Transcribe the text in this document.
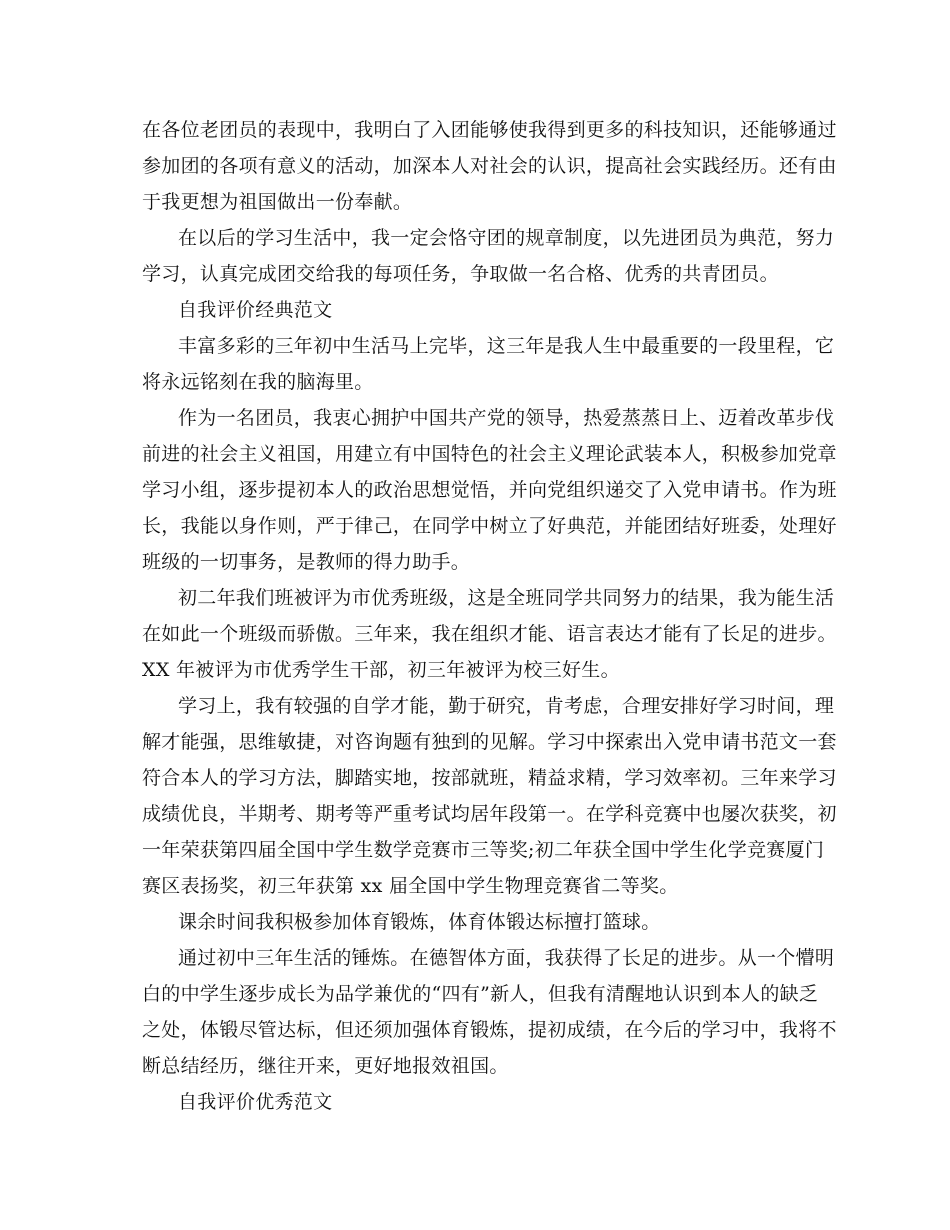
在各位老团员的表现中，我明白了入团能够使我得到更多的科技知识，还能够通过
参加团的各项有意义的活动，加深本人对社会的认识，提高社会实践经历。还有由
于我更想为祖国做出一份奉献。
在以后的学习生活中，我一定会恪守团的规章制度，以先进团员为典范，努力
学习，认真完成团交给我的每项任务，争取做一名合格、优秀的共青团员。
自我评价经典范文
丰富多彩的三年初中生活马上完毕，这三年是我人生中最重要的一段里程，它
将永远铭刻在我的脑海里。
作为一名团员，我衷心拥护中国共产党的领导，热爱蒸蒸日上、迈着改革步伐
前进的社会主义祖国，用建立有中国特色的社会主义理论武装本人，积极参加党章
学习小组，逐步提初本人的政治思想觉悟，并向党组织递交了入党申请书。作为班
长，我能以身作则，严于律己，在同学中树立了好典范，并能团结好班委，处理好
班级的一切事务，是教师的得力助手。
初二年我们班被评为市优秀班级，这是全班同学共同努力的结果，我为能生活
在如此一个班级而骄傲。三年来，我在组织才能、语言表达才能有了长足的进步。
XX 年被评为市优秀学生干部，初三年被评为校三好生。
学习上，我有较强的自学才能，勤于研究，肯考虑，合理安排好学习时间，理
解才能强，思维敏捷，对咨询题有独到的见解。学习中探索出入党申请书范文一套
符合本人的学习方法，脚踏实地，按部就班，精益求精，学习效率初。三年来学习
成绩优良，半期考、期考等严重考试均居年段第一。在学科竞赛中也屡次获奖，初
一年荣获第四届全国中学生数学竞赛市三等奖;初二年获全国中学生化学竞赛厦门
赛区表扬奖，初三年获第 xx 届全国中学生物理竞赛省二等奖。
课余时间我积极参加体育锻炼，体育体锻达标擅打篮球。
通过初中三年生活的锤炼。在德智体方面，我获得了长足的进步。从一个懵明
白的中学生逐步成长为品学兼优的“四有”新人，但我有清醒地认识到本人的缺乏
之处，体锻尽管达标，但还须加强体育锻炼，提初成绩，在今后的学习中，我将不
断总结经历，继往开来，更好地报效祖国。
自我评价优秀范文
